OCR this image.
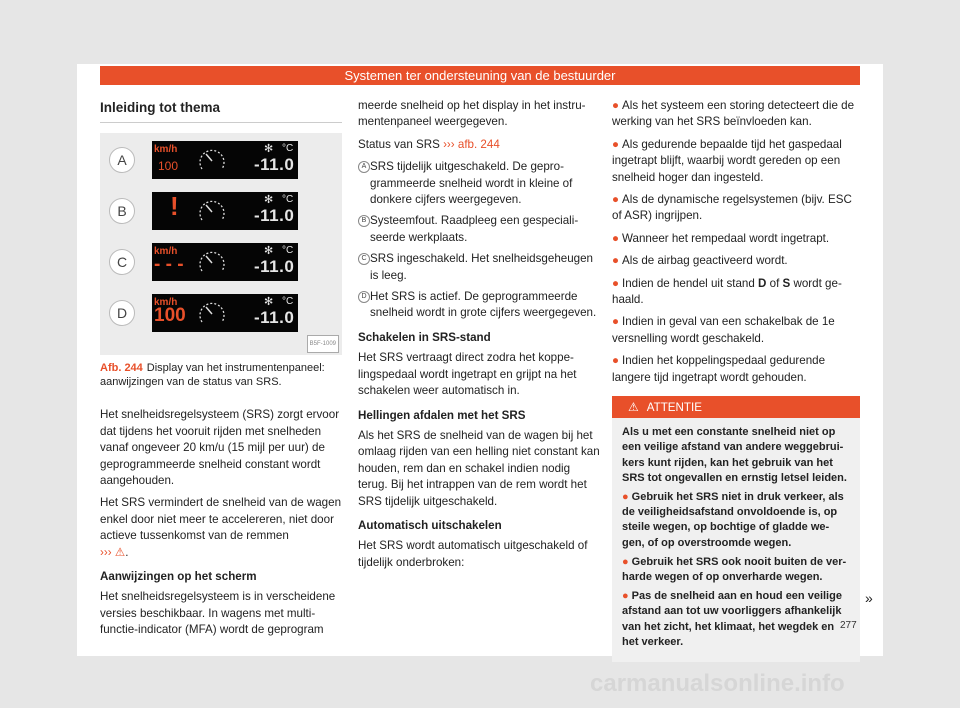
Systemen ter ondersteuning van de bestuurder
Inleiding tot thema
A
km/h
100
✻ °C
-11.0
B	!	✻ °C
-11.0
C
km/h
- - -
✻ °C
-11.0
D
km/h
100
✻ °C
-11.0
B5F-1009
Afb. 244 Display van het instrumentenpaneel: aanwijzingen van de status van SRS.

Het snelheidsregelsysteem (SRS) zorgt ervoor dat tijdens het vooruit rijden met snelheden vanaf ongeveer 20 km/u (15 mijl per uur) de geprogrammeerde snelheid constant wordt aangehouden.

Het SRS vermindert de snelheid van de wagen enkel door niet meer te accelereren, niet door actieve tussenkomst van de remmen
››› ⚠.

Aanwijzingen op het scherm

Het snelheidsregelsysteem is in verscheidene versies beschikbaar. In wagens met multifunctie-indicator (MFA) wordt de geprogram

meerde snelheid op het display in het instrumentenpaneel weergegeven.

Status van SRS ››› afb. 244

A SRS tijdelijk uitgeschakeld. De geprogrammeerde snelheid wordt in kleine of donkere cijfers weergegeven.
B Systeemfout. Raadpleeg een gespecialiseerde werkplaats.
C SRS ingeschakeld. Het snelheidsgeheugen is leeg.
D Het SRS is actief. De geprogrammeerde snelheid wordt in grote cijfers weergegeven.
Schakelen in SRS-stand

Het SRS vertraagt direct zodra het koppelingspedaal wordt ingetrapt en grijpt na het schakelen weer automatisch in.

Hellingen afdalen met het SRS

Als het SRS de snelheid van de wagen bij het omlaag rijden van een helling niet constant kan houden, rem dan en schakel indien nodig terug. Bij het intrappen van de rem wordt het SRS tijdelijk uitgeschakeld.

Automatisch uitschakelen

Het SRS wordt automatisch uitgeschakeld of tijdelijk onderbroken:

● Als het systeem een storing detecteert die de werking van het SRS beïnvloeden kan.

● Als gedurende bepaalde tijd het gaspedaal ingetrapt blijft, waarbij wordt gereden op een snelheid hoger dan ingesteld.

● Als de dynamische regelsystemen (bijv. ESC of ASR) ingrijpen.

● Wanneer het rempedaal wordt ingetrapt.

● Als de airbag geactiveerd wordt.

● Indien de hendel uit stand D of S wordt gehaald.

● Indien in geval van een schakelbak de 1e versnelling wordt geschakeld.

● Indien het koppelingspedaal gedurende langere tijd ingetrapt wordt gehouden.

⚠ ATTENTIE

Als u met een constante snelheid niet op een veilige afstand van andere weggebruikers kunt rijden, kan het gebruik van het SRS tot ongevallen en ernstig letsel leiden.

● Gebruik het SRS niet in druk verkeer, als de veiligheidsafstand onvoldoende is, op steile wegen, op bochtige of gladde wegen, of op overstroomde wegen.

● Gebruik het SRS ook nooit buiten de verharde wegen of op onverharde wegen.

● Pas de snelheid aan en houd een veilige afstand aan tot uw voorliggers afhankelijk van het zicht, het klimaat, het wegdek en het verkeer.

»
277
carmanualsonline.info
